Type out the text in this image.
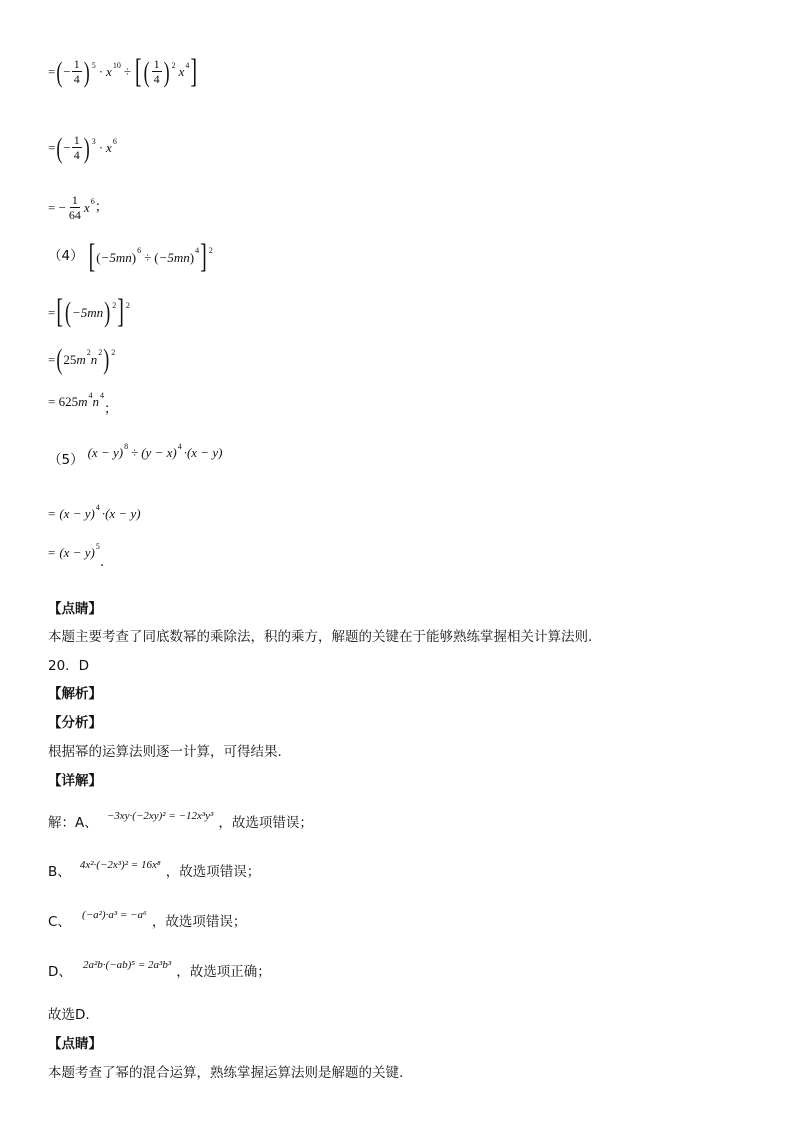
= ( − $\frac{1}{4}$ ) 5 · x 10 ÷ [ ( $\frac{1}{4}$ ) 2 x 4 ]
= ( − $\frac{1}{4}$ ) 3 · x 6
= − $\frac{1}{64}$ x 6 ；
（4） [ ( −5mn ) 6 ÷ ( −5mn ) 4 ] 2
= [ ( −5mn ) 2 ] 2
= ( 25 m 2 n 2 ) 2
= 625 m 4 n 4
；
（5） (x − y) 8 ÷ (y − x) 4 ·(x − y)
= (x − y) 4 ·(x − y)
= (x − y) 5
.
【点睛】
本题主要考查了同底数幂的乘除法，积的乘方，解题的关键在于能够熟练掌握相关计算法则.
20．D
【解析】
【分析】
根据幂的运算法则逐一计算，可得结果.
【详解】
$_{解:A、}$ −3xy·(−2xy)² = −12x³y³ $_{,故选项错误;}$
$_{B、}$ 4x²·(−2x³)² = 16x⁸ $_{,故选项错误;}$
$_{C、}$ (−a²)·a³ = −a⁶ $_{,故选项错误;}$
$_{D、}$ 2a²b·(−ab)⁵ = 2a³b³ $_{,故选项正确;}$
故选D.
【点睛】
本题考查了幂的混合运算，熟练掌握运算法则是解题的关键.
